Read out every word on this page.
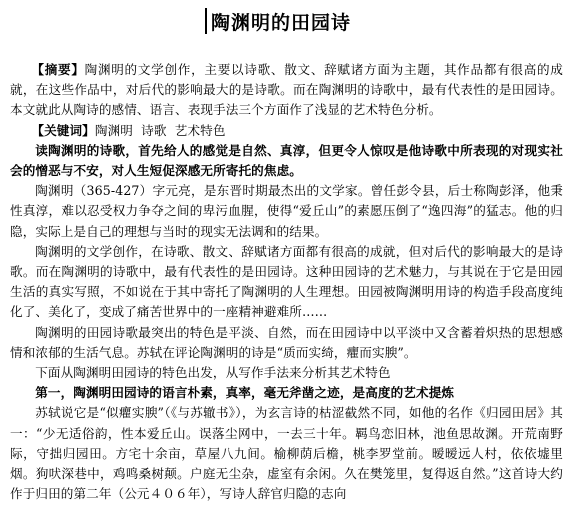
陶渊明的田园诗

【摘要】陶渊明的文学创作，主要以诗歌、散文、辞赋诸方面为主题，其作品都有很高的成就，在这些作品中，对后代的影响最大的是诗歌。而在陶渊明的诗歌中，最有代表性的是田园诗。本文就此从陶诗的感情、语言、表现手法三个方面作了浅显的艺术特色分析。

【关键词】陶渊明  诗歌  艺术特色

读陶渊明的诗歌，首先给人的感觉是自然、真淳，但更令人惊叹是他诗歌中所表现的对现实社会的憎恶与不安，对人生短促深感无所寄托的焦虑。

陶渊明（365-427）字元亮，是东晋时期最杰出的文学家。曾任彭令县，后士称陶彭泽，他秉性真淳，难以忍受权力争夺之间的卑污血腥，使得“爱丘山”的素愿压倒了“逸四海”的猛志。他的归隐，实际上是自己的理想与当时的现实无法调和的结果。

陶渊明的文学创作，在诗歌、散文、辞赋诸方面都有很高的成就，但对后代的影响最大的是诗歌。而在陶渊明的诗歌中，最有代表性的是田园诗。这种田园诗的艺术魅力，与其说在于它是田园生活的真实写照，不如说在于其中寄托了陶渊明的人生理想。田园被陶渊明用诗的构造手段高度纯化了、美化了，变成了痛苦世界中的一座精神避难所……

陶渊明的田园诗歌最突出的特色是平淡、自然，而在田园诗中以平淡中又含蓄着炽热的思想感情和浓郁的生活气息。苏轼在评论陶渊明的诗是“质而实绮，癯而实腴”。

下面从陶渊明田园诗的特色出发，从写作手法来分析其艺术特色

第一，陶渊明田园诗的语言朴素，真率，毫无斧凿之迹，是高度的艺术提炼

苏轼说它是“似癯实腴”（《与苏辙书》），为玄言诗的枯涩截然不同，如他的名作《归园田居》其一：“少无适俗韵，性本爱丘山。误落尘网中，一去三十年。羁鸟恋旧林，池鱼思故渊。开荒南野际，守拙归园田。方宅十余亩，草屋八九间。榆柳荫后檐，桃李罗堂前。暧暧远人村，依依墟里烟。狗吠深巷中，鸡鸣桑树颠。户庭无尘杂，虚室有余闲。久在樊笼里，复得返自然。”这首诗大约作于归田的第二年（公元４０６年），写诗人辞官归隐的志向
